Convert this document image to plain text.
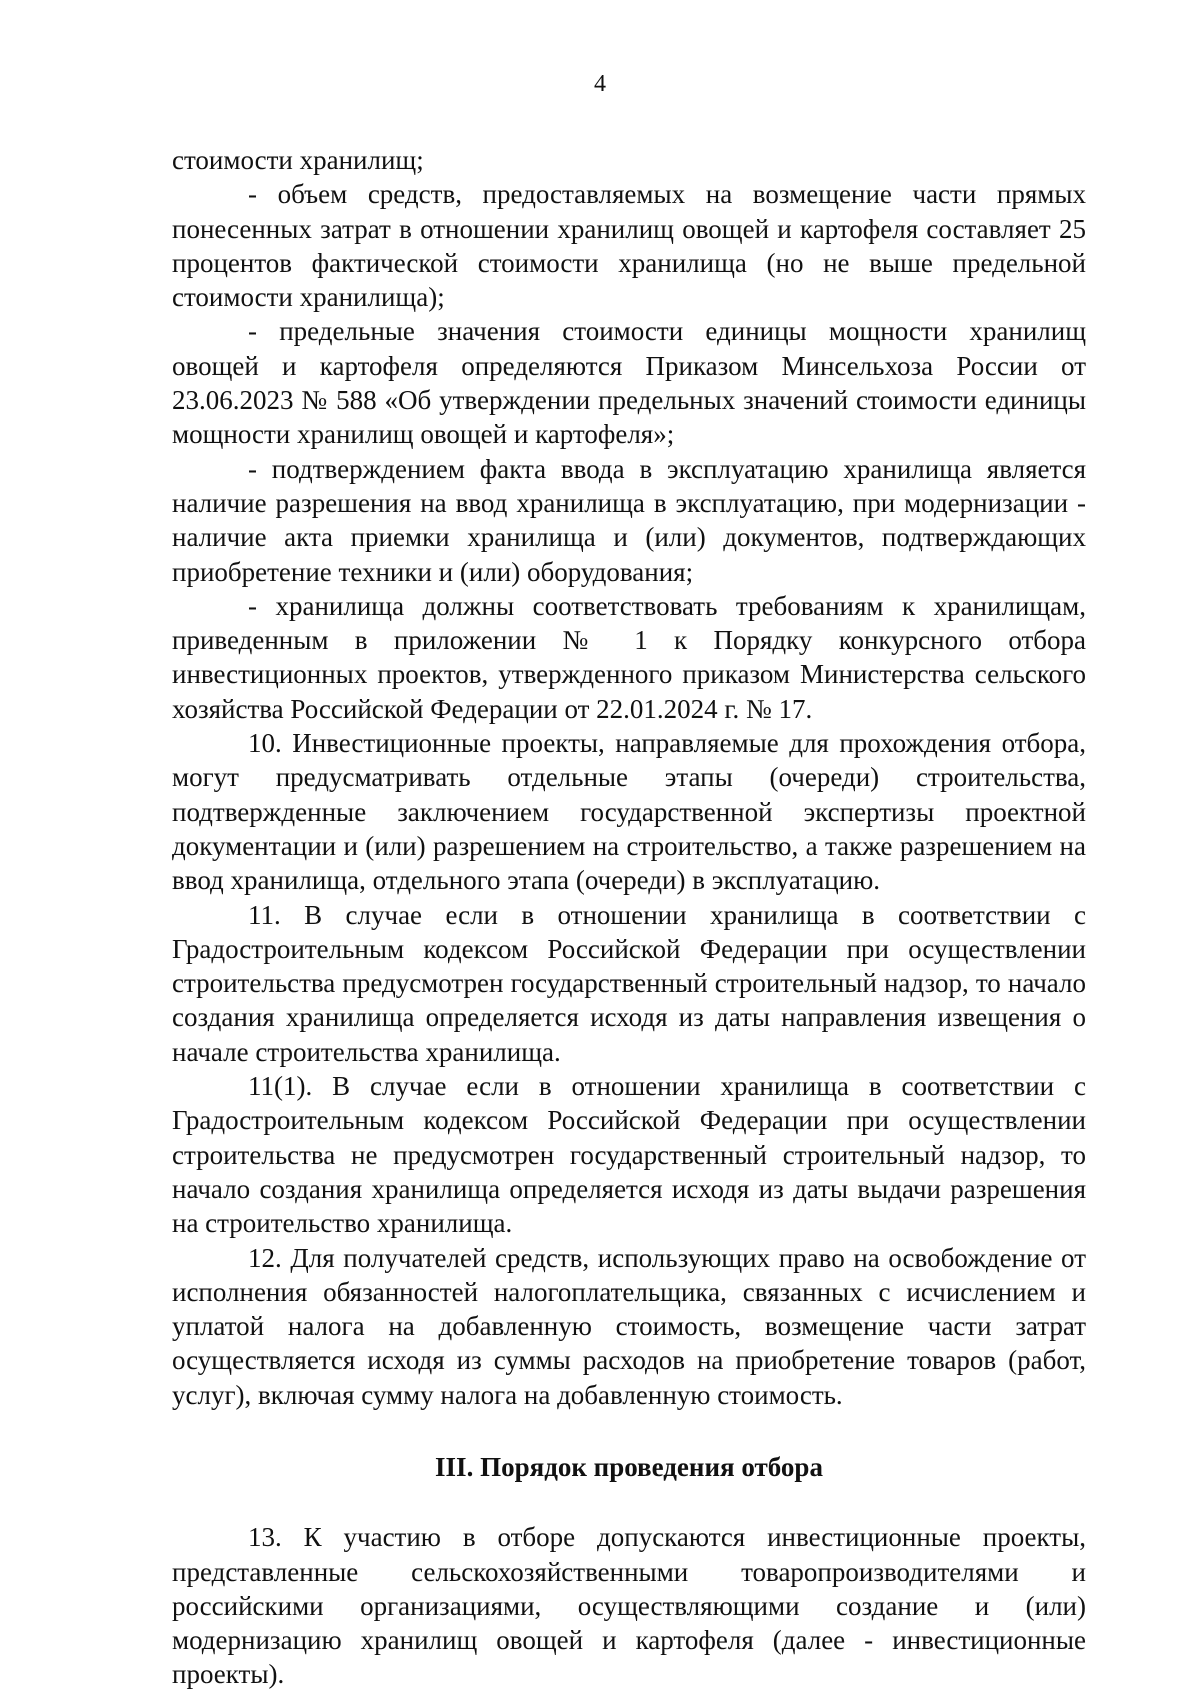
4

стоимости хранилищ;

- объем средств, предоставляемых на возмещение части прямых понесенных затрат в отношении хранилищ овощей и картофеля составляет 25 процентов фактической стоимости хранилища (но не выше предельной стоимости хранилища);

- предельные значения стоимости единицы мощности хранилищ овощей и картофеля определяются Приказом Минсельхоза России от 23.06.2023 № 588 «Об утверждении предельных значений стоимости единицы мощности хранилищ овощей и картофеля»;

- подтверждением факта ввода в эксплуатацию хранилища является наличие разрешения на ввод хранилища в эксплуатацию, при модернизации - наличие акта приемки хранилища и (или) документов, подтверждающих приобретение техники и (или) оборудования;

- хранилища должны соответствовать требованиям к хранилищам, приведенным в приложении № 1 к Порядку конкурсного отбора инвестиционных проектов, утвержденного приказом Министерства сельского хозяйства Российской Федерации от 22.01.2024 г. № 17.

10. Инвестиционные проекты, направляемые для прохождения отбора, могут предусматривать отдельные этапы (очереди) строительства, подтвержденные заключением государственной экспертизы проектной документации и (или) разрешением на строительство, а также разрешением на ввод хранилища, отдельного этапа (очереди) в эксплуатацию.

11. В случае если в отношении хранилища в соответствии с Градостроительным кодексом Российской Федерации при осуществлении строительства предусмотрен государственный строительный надзор, то начало создания хранилища определяется исходя из даты направления извещения о начале строительства хранилища.

11(1). В случае если в отношении хранилища в соответствии с Градостроительным кодексом Российской Федерации при осуществлении строительства не предусмотрен государственный строительный надзор, то начало создания хранилища определяется исходя из даты выдачи разрешения на строительство хранилища.

12. Для получателей средств, использующих право на освобождение от исполнения обязанностей налогоплательщика, связанных с исчислением и уплатой налога на добавленную стоимость, возмещение части затрат осуществляется исходя из суммы расходов на приобретение товаров (работ, услуг), включая сумму налога на добавленную стоимость.

III. Порядок проведения отбора

13. К участию в отборе допускаются инвестиционные проекты, представленные сельскохозяйственными товаропроизводителями и российскими организациями, осуществляющими создание и (или) модернизацию хранилищ овощей и картофеля (далее - инвестиционные проекты).
